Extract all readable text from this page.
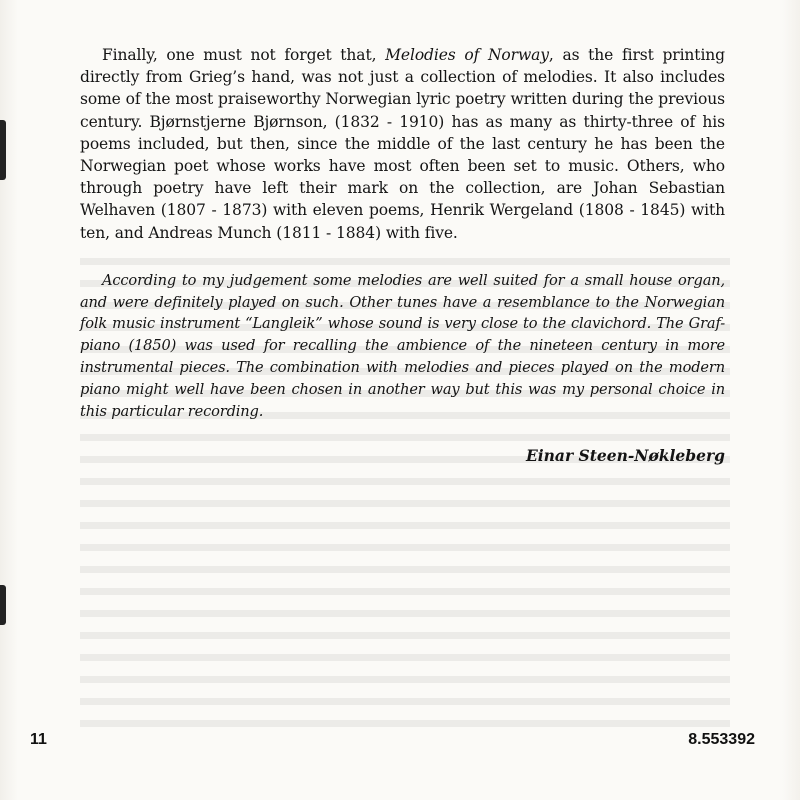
Finally, one must not forget that, Melodies of Norway, as the first printing directly from Grieg’s hand, was not just a collection of melodies. It also includes some of the most praiseworthy Norwegian lyric poetry written during the previous century. Bjørnstjerne Bjørnson, (1832 - 1910) has as many as thirty-three of his poems included, but then, since the middle of the last century he has been the Norwegian poet whose works have most often been set to music. Others, who through poetry have left their mark on the collection, are Johan Sebastian Welhaven (1807 - 1873) with eleven poems, Henrik Wergeland (1808 - 1845) with ten, and Andreas Munch (1811 - 1884) with five.

According to my judgement some melodies are well suited for a small house organ, and were definitely played on such. Other tunes have a resemblance to the Norwegian folk music instrument “Langleik” whose sound is very close to the clavichord. The Graf-piano (1850) was used for recalling the ambience of the nineteen century in more instrumental pieces. The combination with melodies and pieces played on the modern piano might well have been chosen in another way but this was my personal choice in this particular recording.

Einar Steen-Nøkleberg
11	8.553392
